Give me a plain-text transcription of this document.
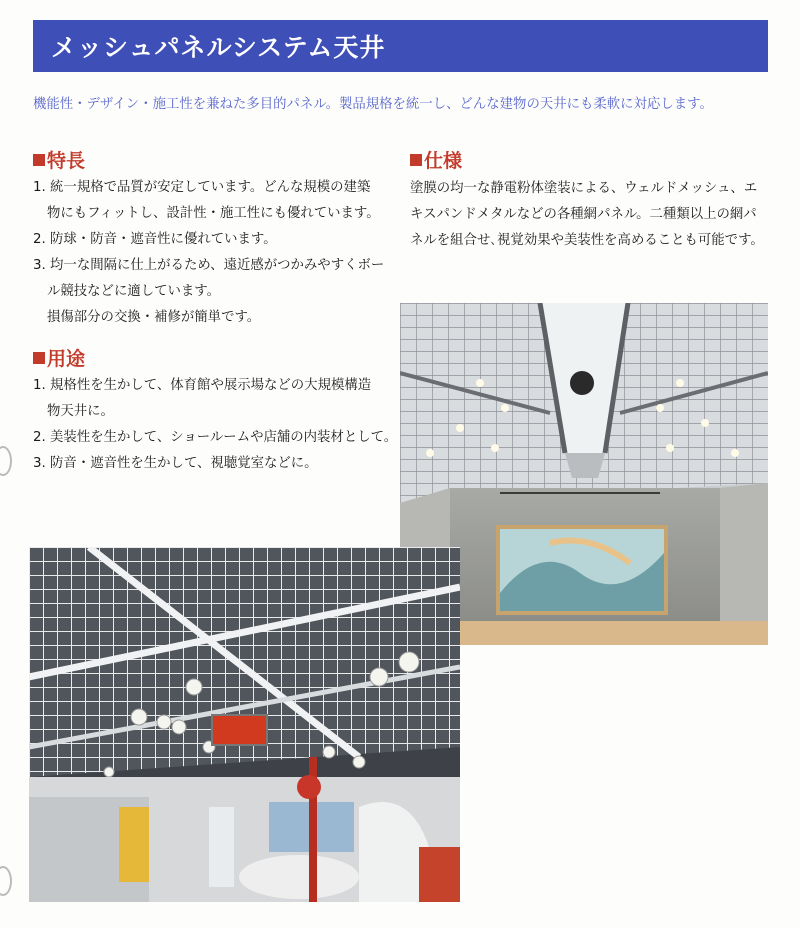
メッシュパネルシステム天井
機能性・デザイン・施工性を兼ねた多目的パネル。製品規格を統一し、どんな建物の天井にも柔軟に対応します。
特長
1. 統一規格で品質が安定しています。どんな規模の建築
物にもフィットし、設計性・施工性にも優れています。
2. 防球・防音・遮音性に優れています。
3. 均一な間隔に仕上がるため、遠近感がつかみやすくボー
ル競技などに適しています。
損傷部分の交換・補修が簡単です。
用途
1. 規格性を生かして、体育館や展示場などの大規模構造
物天井に。
2. 美装性を生かして、ショールームや店舗の内装材として。
3. 防音・遮音性を生かして、視聴覚室などに。
仕様
塗膜の均一な静電粉体塗装による、ウェルドメッシュ、エ
キスパンドメタルなどの各種網パネル。二種類以上の網パ
ネルを組合せ､視覚効果や美装性を高めることも可能です。
